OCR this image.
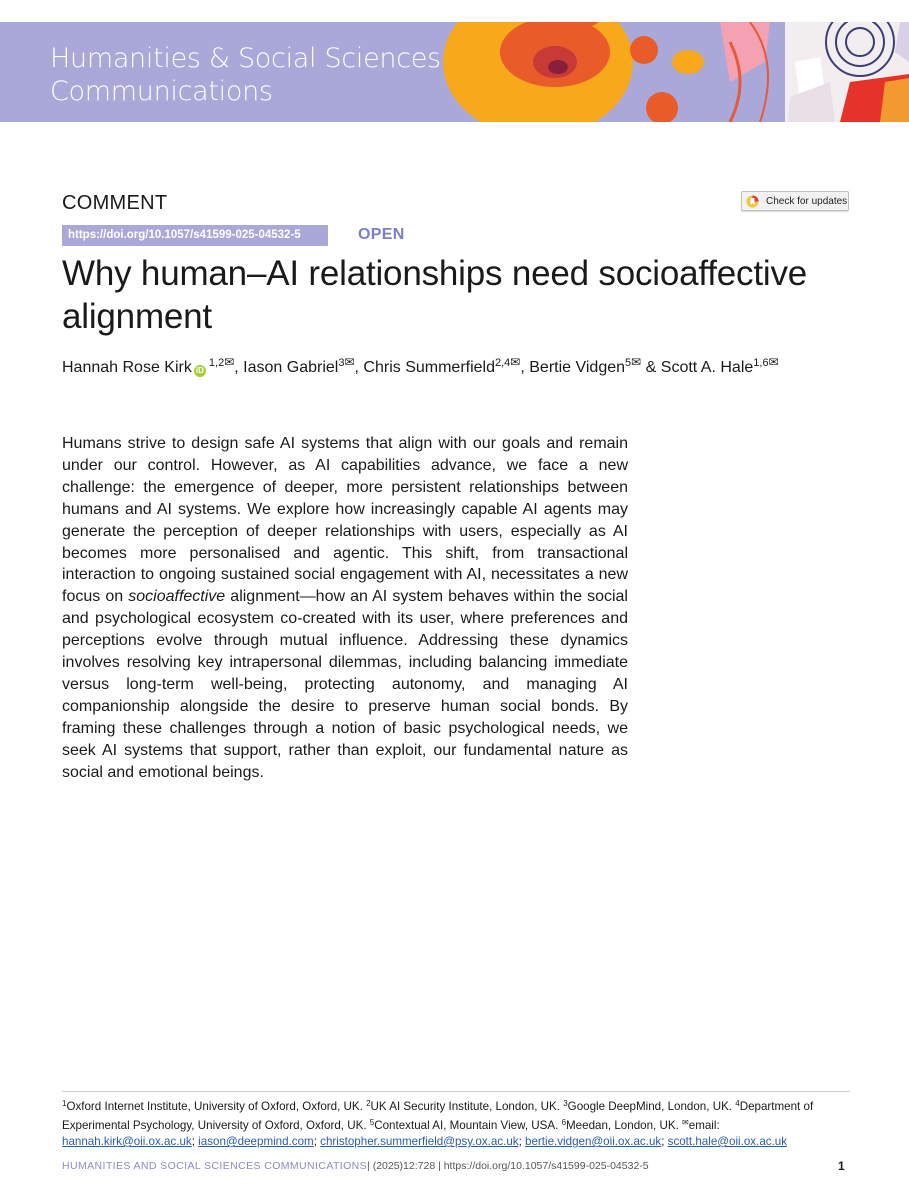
Humanities & Social Sciences
Communications
COMMENT	Check for updates
https://doi.org/10.1057/s41599-025-04532-5	OPEN
Why human–AI relationships need socioaffective alignment
Hannah Rose Kirk iD $^{1,2✉}$, Iason Gabriel$^{3✉}$, Chris Summerfield$^{2,4✉}$, Bertie Vidgen$^{5✉}$ & Scott A. Hale$^{1,6✉}$

Humans strive to design safe AI systems that align with our goals and remain under our control. However, as AI capabilities advance, we face a new challenge: the emergence of deeper, more persistent relationships between humans and AI systems. We explore how increasingly capable AI agents may generate the perception of deeper relationships with users, especially as AI becomes more personalised and agentic. This shift, from transactional interaction to ongoing sustained social engagement with AI, necessitates a new focus on socioaffective alignment—how an AI system behaves within the social and psychological ecosystem co-created with its user, where preferences and perceptions evolve through mutual influence. Addressing these dynamics involves resolving key intrapersonal dilemmas, including balancing immediate versus long-term well-being, protecting autonomy, and managing AI companionship alongside the desire to preserve human social bonds. By framing these challenges through a notion of basic psychological needs, we seek AI systems that support, rather than exploit, our fundamental nature as social and emotional beings.

$^1$Oxford Internet Institute, University of Oxford, Oxford, UK. $^2$UK AI Security Institute, London, UK. $^3$Google DeepMind, London, UK. $^4$Department of Experimental Psychology, University of Oxford, Oxford, UK. $^5$Contextual AI, Mountain View, USA. $^6$Meedan, London, UK. ✉email: hannah.kirk@oii.ox.ac.uk; iason@deepmind.com; christopher.summerfield@psy.ox.ac.uk; bertie.vidgen@oii.ox.ac.uk; scott.hale@oii.ox.ac.uk
HUMANITIES AND SOCIAL SCIENCES COMMUNICATIONS| (2025)12:728 | https://doi.org/10.1057/s41599-025-04532-5	1
